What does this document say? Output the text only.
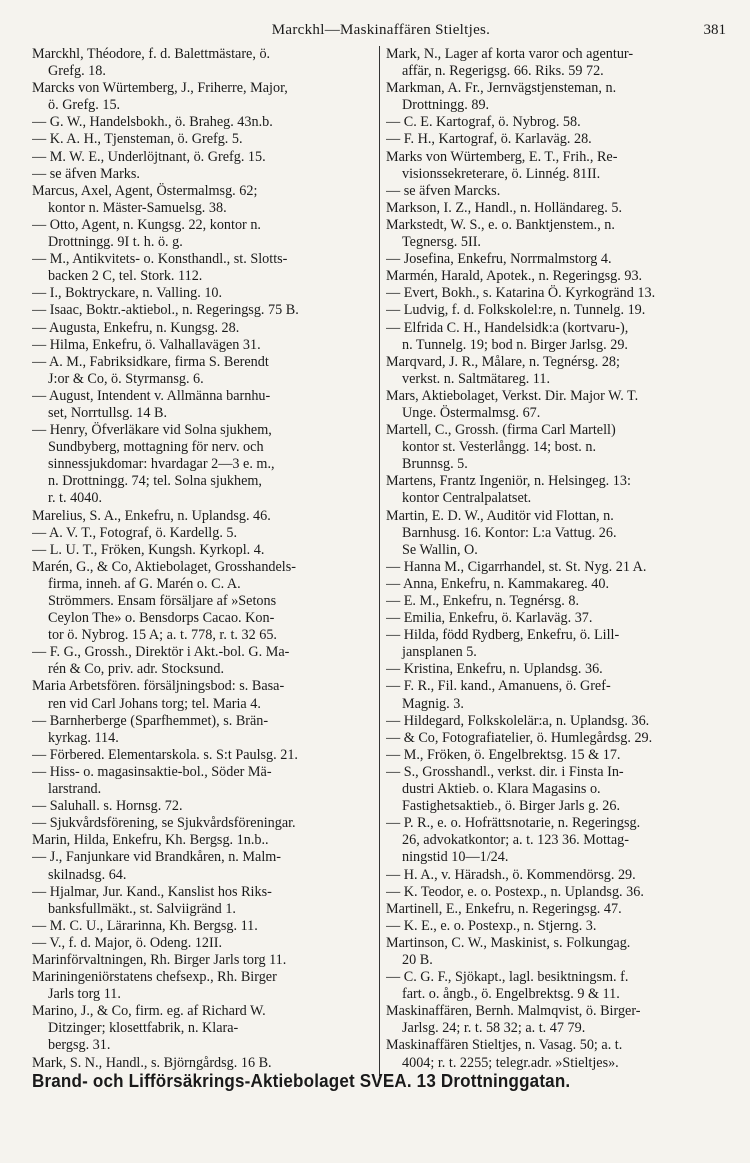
Marckhl—Maskinaffären Stieltjes.	381
Marckhl, Théodore, f. d. Balettmästare, ö.
Grefg. 18.
Marcks von Würtemberg, J., Friherre, Major,
ö. Grefg. 15.
— G. W., Handelsbokh., ö. Braheg. 43n.b.
— K. A. H., Tjensteman, ö. Grefg. 5.
— M. W. E., Underlöjtnant, ö. Grefg. 15.
— se äfven Marks.
Marcus, Axel, Agent, Östermalmsg. 62;
kontor n. Mäster-Samuelsg. 38.
— Otto, Agent, n. Kungsg. 22, kontor n.
Drottningg. 9I t. h. ö. g.
— M., Antikvitets- o. Konsthandl., st. Slotts-
backen 2 C, tel. Stork. 112.
— I., Boktryckare, n. Valling. 10.
— Isaac, Boktr.-aktiebol., n. Regeringsg. 75 B.
— Augusta, Enkefru, n. Kungsg. 28.
— Hilma, Enkefru, ö. Valhallavägen 31.
— A. M., Fabriksidkare, firma S. Berendt
J:or & Co, ö. Styrmansg. 6.
— August, Intendent v. Allmänna barnhu-
set, Norrtullsg. 14 B.
— Henry, Öfverläkare vid Solna sjukhem,
Sundbyberg, mottagning för nerv. och
sinnessjukdomar: hvardagar 2—3 e. m.,
n. Drottningg. 74; tel. Solna sjukhem,
r. t. 4040.
Marelius, S. A., Enkefru, n. Uplandsg. 46.
— A. V. T., Fotograf, ö. Kardellg. 5.
— L. U. T., Fröken, Kungsh. Kyrkopl. 4.
Marén, G., & Co, Aktiebolaget, Grosshandels-
firma, inneh. af G. Marén o. C. A.
Strömmers. Ensam försäljare af »Setons
Ceylon The» o. Bensdorps Cacao. Kon-
tor ö. Nybrog. 15 A; a. t. 778, r. t. 32 65.
— F. G., Grossh., Direktör i Akt.-bol. G. Ma-
rén & Co, priv. adr. Stocksund.
Maria Arbetsfören. försäljningsbod: s. Basa-
ren vid Carl Johans torg; tel. Maria 4.
— Barnherberge (Sparfhemmet), s. Brän-
kyrkag. 114.
— Förbered. Elementarskola. s. S:t Paulsg. 21.
— Hiss- o. magasinsaktie-bol., Söder Mä-
larstrand.
— Saluhall. s. Hornsg. 72.
— Sjukvårdsförening, se Sjukvårdsföreningar.
Marin, Hilda, Enkefru, Kh. Bergsg. 1n.b..
— J., Fanjunkare vid Brandkåren, n. Malm-
skilnadsg. 64.
— Hjalmar, Jur. Kand., Kanslist hos Riks-
banksfullmäkt., st. Salviigränd 1.
— M. C. U., Lärarinna, Kh. Bergsg. 11.
— V., f. d. Major, ö. Odeng. 12II.
Marinförvaltningen, Rh. Birger Jarls torg 11.
Mariningeniörstatens chefsexp., Rh. Birger
Jarls torg 11.
Marino, J., & Co, firm. eg. af Richard W.
Ditzinger; klosettfabrik, n. Klara-
bergsg. 31.
Mark, S. N., Handl., s. Björngårdsg. 16 B.
Mark, N., Lager af korta varor och agentur-
affär, n. Regerigsg. 66. Riks. 59 72.
Markman, A. Fr., Jernvägstjensteman, n.
Drottningg. 89.
— C. E. Kartograf, ö. Nybrog. 58.
— F. H., Kartograf, ö. Karlaväg. 28.
Marks von Würtemberg, E. T., Frih., Re-
visionssekreterare, ö. Linnég. 81II.
— se äfven Marcks.
Markson, I. Z., Handl., n. Holländareg. 5.
Markstedt, W. S., e. o. Banktjenstem., n.
Tegnersg. 5II.
— Josefina, Enkefru, Norrmalmstorg 4.
Marmén, Harald, Apotek., n. Regeringsg. 93.
— Evert, Bokh., s. Katarina Ö. Kyrkogränd 13.
— Ludvig, f. d. Folkskolel:re, n. Tunnelg. 19.
— Elfrida C. H., Handelsidk:a (kortvaru-),
n. Tunnelg. 19; bod n. Birger Jarlsg. 29.
Marqvard, J. R., Målare, n. Tegnérsg. 28;
verkst. n. Saltmätareg. 11.
Mars, Aktiebolaget, Verkst. Dir. Major W. T.
Unge. Östermalmsg. 67.
Martell, C., Grossh. (firma Carl Martell)
kontor st. Vesterlångg. 14; bost. n.
Brunnsg. 5.
Martens, Frantz Ingeniör, n. Helsingeg. 13:
kontor Centralpalatset.
Martin, E. D. W., Auditör vid Flottan, n.
Barnhusg. 16. Kontor: L:a Vattug. 26.
Se Wallin, O.
— Hanna M., Cigarrhandel, st. St. Nyg. 21 A.
— Anna, Enkefru, n. Kammakareg. 40.
— E. M., Enkefru, n. Tegnérsg. 8.
— Emilia, Enkefru, ö. Karlaväg. 37.
— Hilda, född Rydberg, Enkefru, ö. Lill-
jansplanen 5.
— Kristina, Enkefru, n. Uplandsg. 36.
— F. R., Fil. kand., Amanuens, ö. Gref-
Magnig. 3.
— Hildegard, Folkskolelär:a, n. Uplandsg. 36.
— & Co, Fotografiatelier, ö. Humlegårdsg. 29.
— M., Fröken, ö. Engelbrektsg. 15 & 17.
— S., Grosshandl., verkst. dir. i Finsta In-
dustri Aktieb. o. Klara Magasins o.
Fastighetsaktieb., ö. Birger Jarls g. 26.
— P. R., e. o. Hofrättsnotarie, n. Regeringsg.
26, advokatkontor; a. t. 123 36. Mottag-
ningstid 10—1/24.
— H. A., v. Häradsh., ö. Kommendörsg. 29.
— K. Teodor, e. o. Postexp., n. Uplandsg. 36.
Martinell, E., Enkefru, n. Regeringsg. 47.
— K. E., e. o. Postexp., n. Stjerng. 3.
Martinson, C. W., Maskinist, s. Folkungag.
20 B.
— C. G. F., Sjökapt., lagl. besiktningsm. f.
fart. o. ångb., ö. Engelbrektsg. 9 & 11.
Maskinaffären, Bernh. Malmqvist, ö. Birger-
Jarlsg. 24; r. t. 58 32; a. t. 47 79.
Maskinaffären Stieltjes, n. Vasag. 50; a. t.
4004; r. t. 2255; telegr.adr. »Stieltjes».
Brand- och Lifförsäkrings-Aktiebolaget SVEA. 13 Drottninggatan.
